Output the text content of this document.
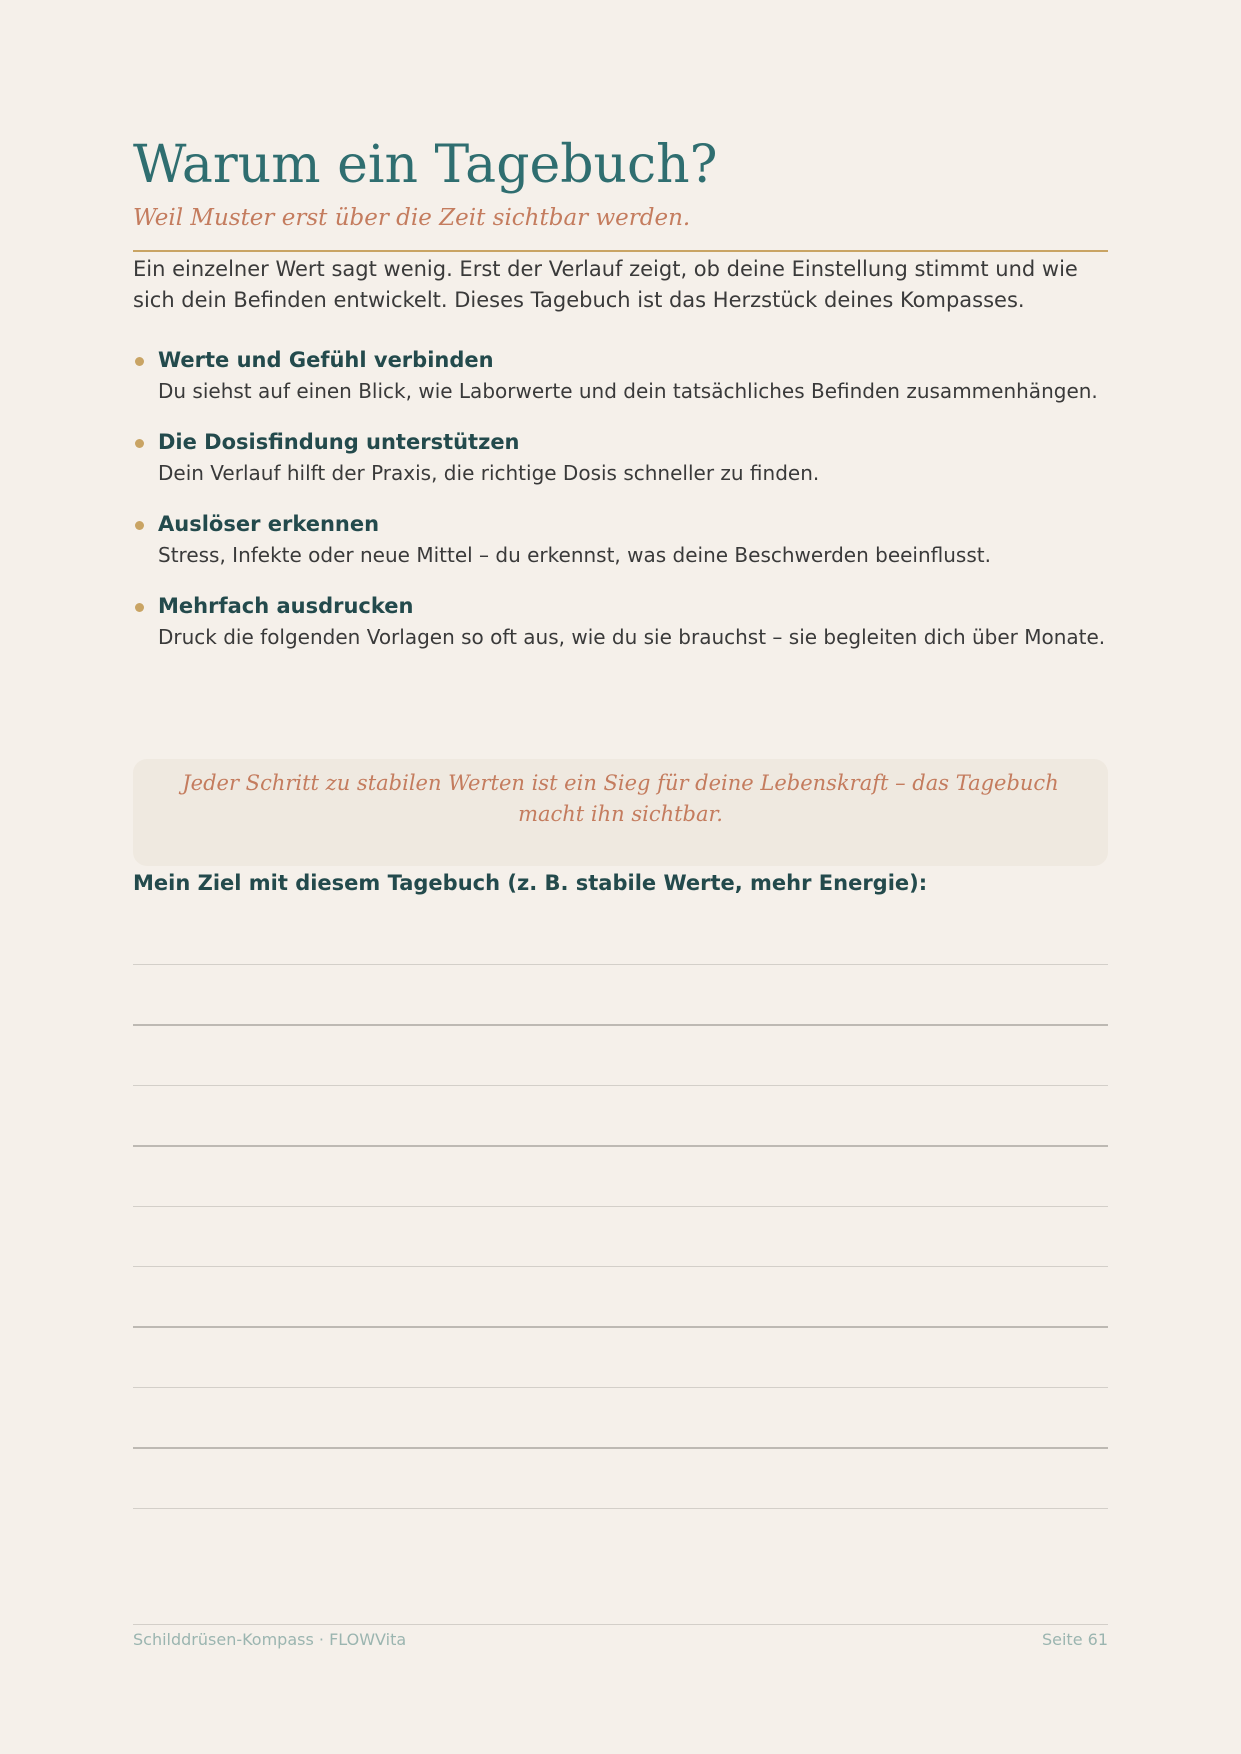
Warum ein Tagebuch?

Weil Muster erst über die Zeit sichtbar werden.

Ein einzelner Wert sagt wenig. Erst der Verlauf zeigt, ob deine Einstellung stimmt und wie sich dein Befinden entwickelt. Dieses Tagebuch ist das Herzstück deines Kompasses.

Werte und Gefühl verbinden
Du siehst auf einen Blick, wie Laborwerte und dein tatsächliches Befinden zusammenhängen.
Die Dosisfindung unterstützen
Dein Verlauf hilft der Praxis, die richtige Dosis schneller zu finden.
Auslöser erkennen
Stress, Infekte oder neue Mittel – du erkennst, was deine Beschwerden beeinflusst.
Mehrfach ausdrucken
Druck die folgenden Vorlagen so oft aus, wie du sie brauchst – sie begleiten dich über Monate.

Jeder Schritt zu stabilen Werten ist ein Sieg für deine Lebenskraft – das Tagebuch macht ihn sichtbar.

Mein Ziel mit diesem Tagebuch (z. B. stabile Werte, mehr Energie):

Schilddrüsen-Kompass · FLOWVita	Seite 61
